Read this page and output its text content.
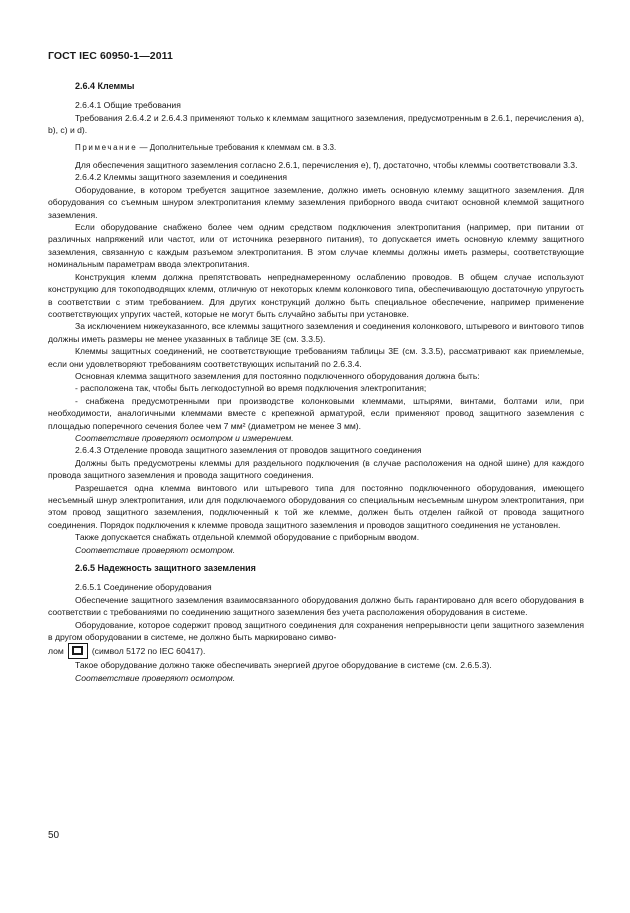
ГОСТ IEC 60950-1—2011

2.6.4 Клеммы

2.6.4.1 Общие требования

Требования 2.6.4.2 и 2.6.4.3 применяют только к клеммам защитного заземления, предусмотренным в 2.6.1, перечисления a), b), c) и d).

Примечание — Дополнительные требования к клеммам см. в 3.3.

Для обеспечения защитного заземления согласно 2.6.1, перечисления e), f), достаточно, чтобы клеммы соответствовали 3.3.

2.6.4.2 Клеммы защитного заземления и соединения

Оборудование, в котором требуется защитное заземление, должно иметь основную клемму защитного заземления. Для оборудования со съемным шнуром электропитания клемму заземления приборного ввода считают основной клеммой защитного заземления.

Если оборудование снабжено более чем одним средством подключения электропитания (например, при питании от различных напряжений или частот, или от источника резервного питания), то допускается иметь основную клемму защитного заземления, связанную с каждым разъемом электропитания. В этом случае клеммы должны иметь размеры, соответствующие номинальным параметрам ввода электропитания.

Конструкция клемм должна препятствовать непреднамеренному ослаблению проводов. В общем случае используют конструкцию для токоподводящих клемм, отличную от некоторых клемм колонкового типа, обеспечивающую достаточную упругость в соответствии с этим требованием. Для других конструкций должно быть специальное обеспечение, например применение соответствующих упругих частей, которые не могут быть случайно забыты при установке.

За исключением нижеуказанного, все клеммы защитного заземления и соединения колонкового, штыревого и винтового типов должны иметь размеры не менее указанных в таблице 3E (см. 3.3.5).

Клеммы защитных соединений, не соответствующие требованиям таблицы 3E (см. 3.3.5), рассматривают как приемлемые, если они удовлетворяют требованиям соответствующих испытаний по 2.6.3.4.

Основная клемма защитного заземления для постоянно подключенного оборудования должна быть:

- расположена так, чтобы быть легкодоступной во время подключения электропитания;

- снабжена предусмотренными при производстве колонковыми клеммами, штырями, винтами, болтами или, при необходимости, аналогичными клеммами вместе с крепежной арматурой, если применяют провод защитного заземления с площадью поперечного сечения более чем 7 мм² (диаметром не менее 3 мм).

Соответствие проверяют осмотром и измерением.

2.6.4.3 Отделение провода защитного заземления от проводов защитного соединения

Должны быть предусмотрены клеммы для раздельного подключения (в случае расположения на одной шине) для каждого провода защитного заземления и провода защитного соединения.

Разрешается одна клемма винтового или штыревого типа для постоянно подключенного оборудования, имеющего несъемный шнур электропитания, или для подключаемого оборудования со специальным несъемным шнуром электропитания, при этом провод защитного заземления, подключенный к той же клемме, должен быть отделен гайкой от провода защитного соединения. Порядок подключения к клемме провода защитного заземления и проводов защитного соединения не установлен.

Также допускается снабжать отдельной клеммой оборудование с приборным вводом.

Соответствие проверяют осмотром.

2.6.5 Надежность защитного заземления

2.6.5.1 Соединение оборудования

Обеспечение защитного заземления взаимосвязанного оборудования должно быть гарантировано для всего оборудования в соответствии с требованиями по соединению защитного заземления без учета расположения оборудования в системе.

Оборудование, которое содержит провод защитного соединения для сохранения непрерывности цепи защитного заземления в другом оборудовании в системе, не должно быть маркировано симво-

лом	(символ 5172 по IEC 60417).

Такое оборудование должно также обеспечивать энергией другое оборудование в системе (см. 2.6.5.3).

Соответствие проверяют осмотром.

50
